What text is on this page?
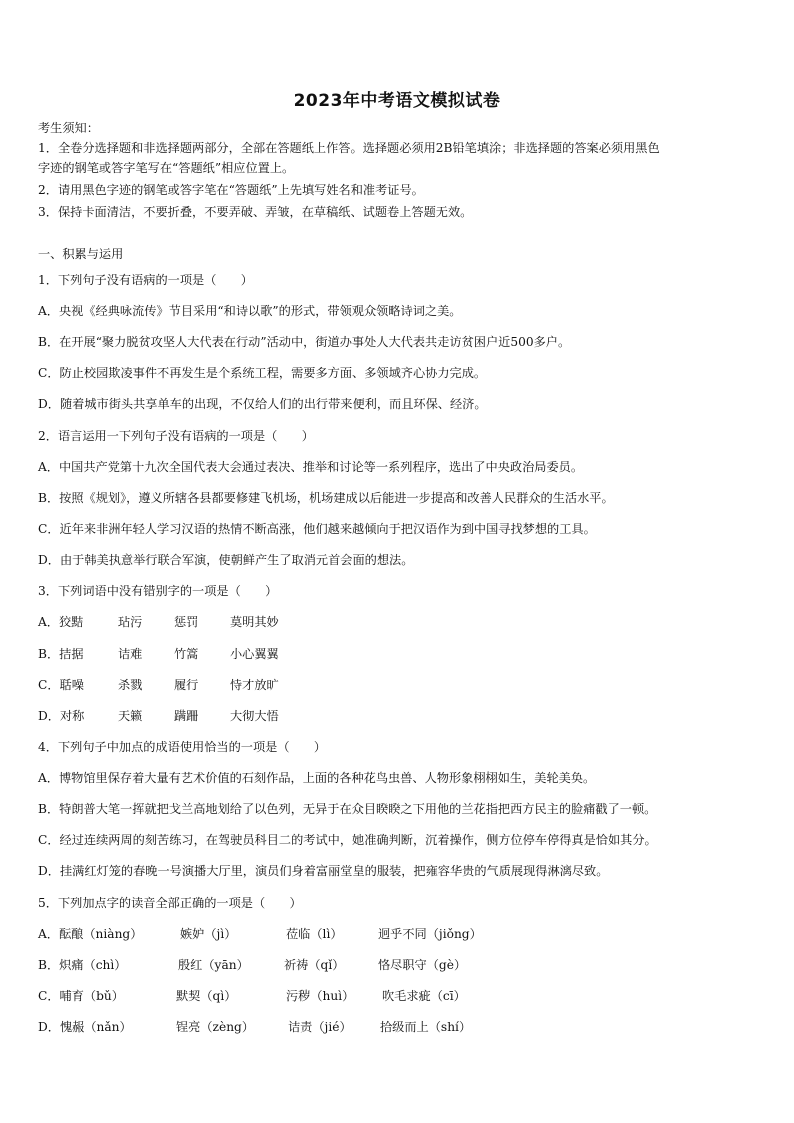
2023年中考语文模拟试卷
考生须知：
1．全卷分选择题和非选择题两部分，全部在答题纸上作答。选择题必须用2B铅笔填涂；非选择题的答案必须用黑色
字迹的钢笔或答字笔写在“答题纸”相应位置上。
2．请用黑色字迹的钢笔或答字笔在“答题纸”上先填写姓名和准考证号。
3．保持卡面清洁，不要折叠，不要弄破、弄皱，在草稿纸、试题卷上答题无效。
一、积累与运用
1．下列句子没有语病的一项是（　　）
A．央视《经典咏流传》节目采用“和诗以歌”的形式，带领观众领略诗词之美。
B．在开展“聚力脱贫攻坚人大代表在行动”活动中，街道办事处人大代表共走访贫困户近500多户。
C．防止校园欺凌事件不再发生是个系统工程，需要多方面、多领域齐心协力完成。
D．随着城市街头共享单车的出现，不仅给人们的出行带来便利，而且环保、经济。
2．语言运用一下列句子没有语病的一项是（　　）
A．中国共产党第十九次全国代表大会通过表决、推举和讨论等一系列程序，选出了中央政治局委员。
B．按照《规划》，遵义所辖各县都要修建飞机场，机场建成以后能进一步提高和改善人民群众的生活水平。
C．近年来非洲年轻人学习汉语的热情不断高涨，他们越来越倾向于把汉语作为到中国寻找梦想的工具。
D．由于韩美执意举行联合军演，使朝鲜产生了取消元首会面的想法。
3．下列词语中没有错别字的一项是（　　）
A．狡黠	玷污	惩罚	莫明其妙
B．拮据	诘难	竹篙	小心翼翼
C．聒噪	杀戮	履行	恃才放旷
D．对称	天籁	蹒跚	大彻大悟
4．下列句子中加点的成语使用恰当的一项是（　　）
A．博物馆里保存着大量有艺术价值的石刻作品，上面的各种花鸟虫兽、人物形象栩栩如生，美轮美奂。
B．特朗普大笔一挥就把戈兰高地划给了以色列，无异于在众目睽睽之下用他的兰花指把西方民主的脸痛戳了一顿。
C．经过连续两周的刻苦练习，在驾驶员科目二的考试中，她准确判断，沉着操作，侧方位停车停得真是恰如其分。
D．挂满红灯笼的春晚一号演播大厅里，演员们身着富丽堂皇的服装，把雍容华贵的气质展现得淋漓尽致。
5．下列加点字的读音全部正确的一项是（　　）
A．酝酿（niàng）	嫉妒（jì）	莅临（lì）	迥乎不同（jiǒng）
B．炽痛（chì）	殷红（yān）	祈祷（qǐ）	恪尽职守（gè）
C．哺育（bǔ）	默契（qì）	污秽（huì） 吹毛求疵（cī）
D．愧赧（nǎn）	锃亮（zèng）	诘责（jié） 拾级而上（shí）
